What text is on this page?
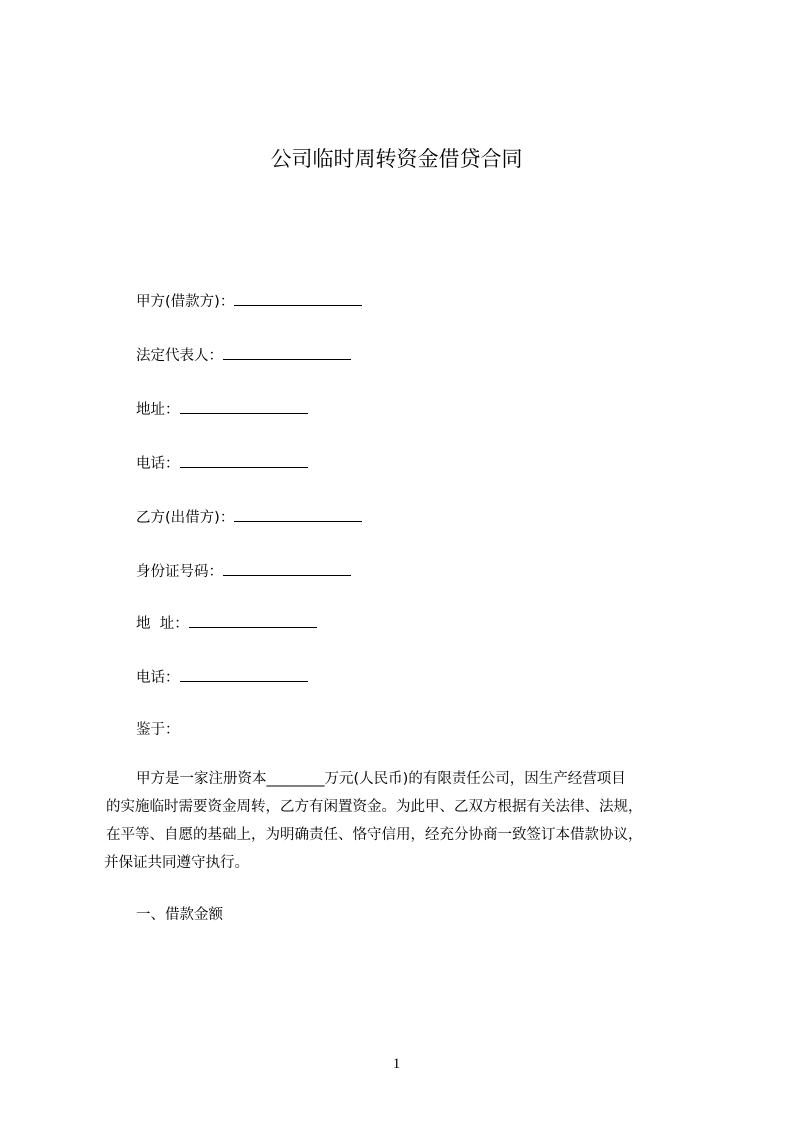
公司临时周转资金借贷合同
甲方(借款方)：
法定代表人：
地址：
电话：
乙方(出借方)：
身份证号码：
地  址：
电话：
鉴于：
甲方是一家注册资本________万元(人民币)的有限责任公司，因生产经营项目
的实施临时需要资金周转，乙方有闲置资金。为此甲、乙双方根据有关法律、法规，
在平等、自愿的基础上，为明确责任、恪守信用，经充分协商一致签订本借款协议，
并保证共同遵守执行。
一、借款金额
1
